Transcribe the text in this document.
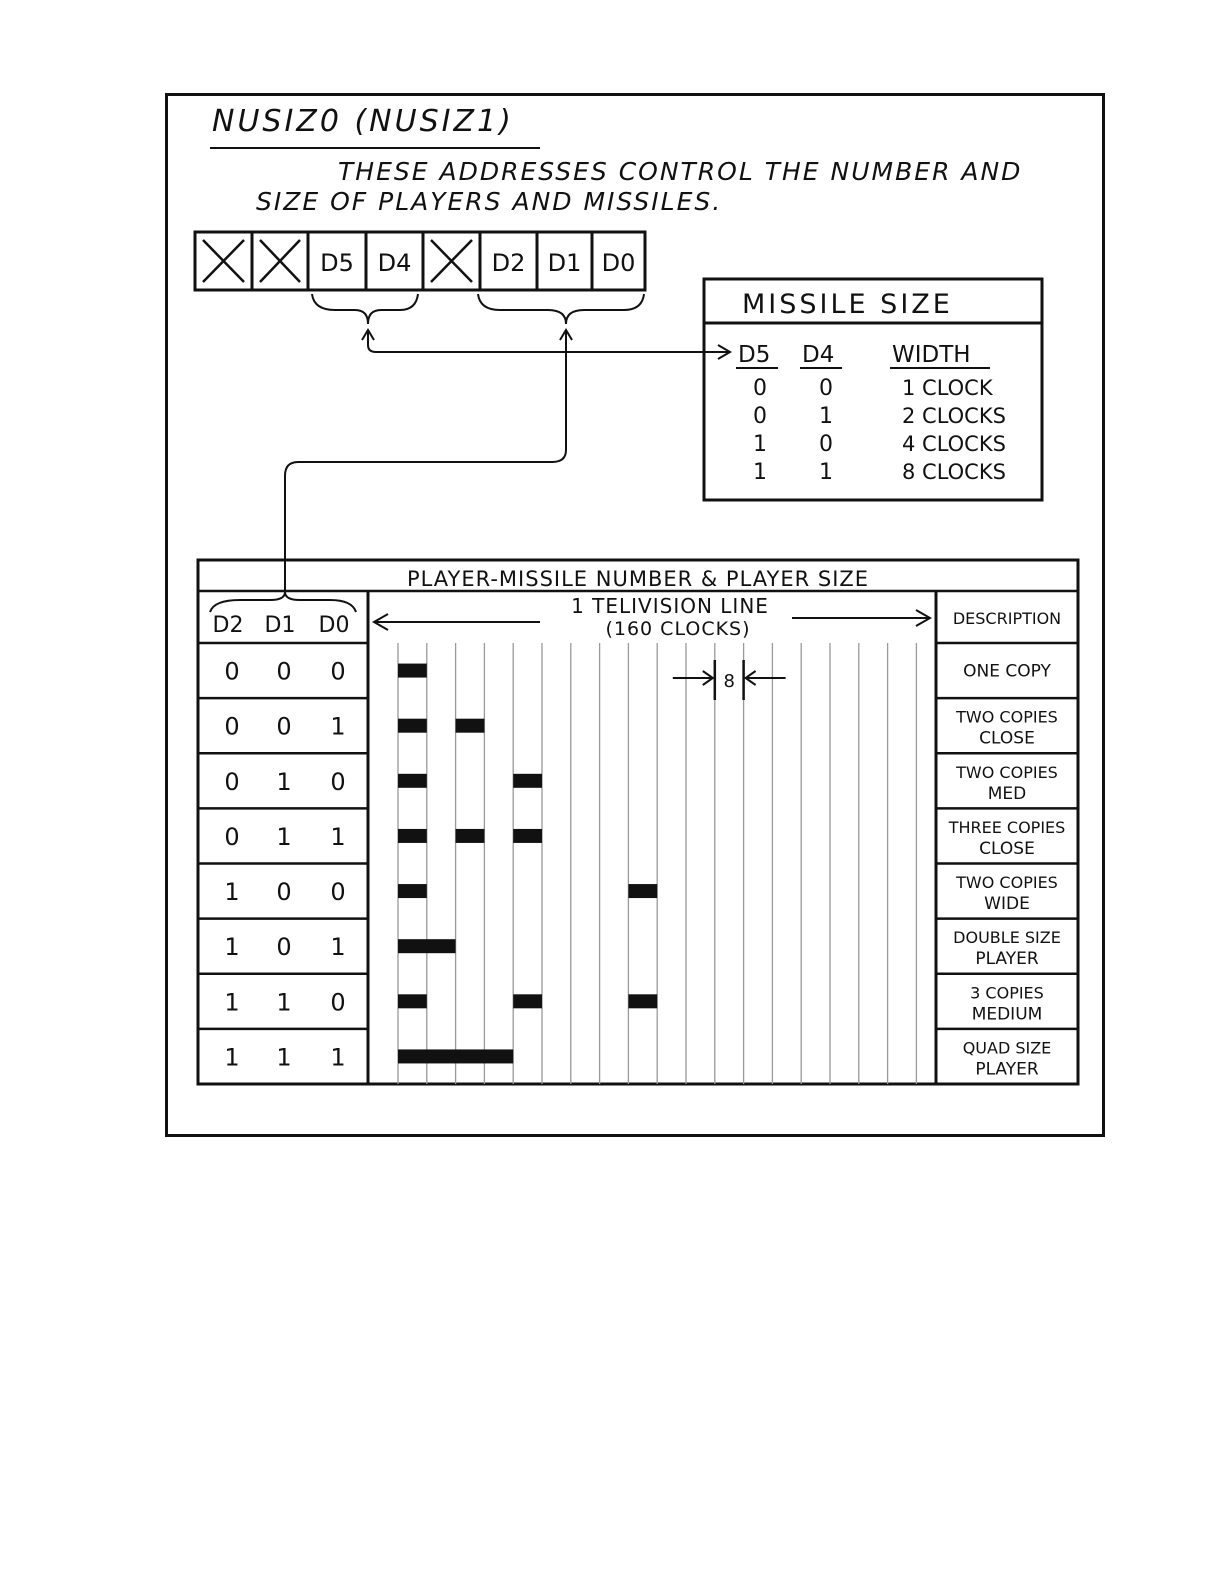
NUSIZ0 (NUSIZ1)
THESE ADDRESSES CONTROL THE NUMBER AND
SIZE OF PLAYERS AND MISSILES.
D5 D4	D2 D1 D0
MISSILE SIZE
D5 D4	WIDTH
0 0	1 CLOCK
0 1	2 CLOCKS
1 0	4 CLOCKS
1 1	8 CLOCKS
PLAYER-MISSILE NUMBER & PLAYER SIZE
D2 D1 D0
1 TELIVISION LINE
(160 CLOCKS)	DESCRIPTION
8
0 0 0	ONE COPY
0 0 1	TWO COPIES
CLOSE
0 1 0	TWO COPIES
MED
0 1 1	THREE COPIES
CLOSE
1 0 0	TWO COPIES
WIDE
1 0 1	DOUBLE SIZE
PLAYER
1 1 0	3 COPIES
MEDIUM
1 1 1	QUAD SIZE
PLAYER
